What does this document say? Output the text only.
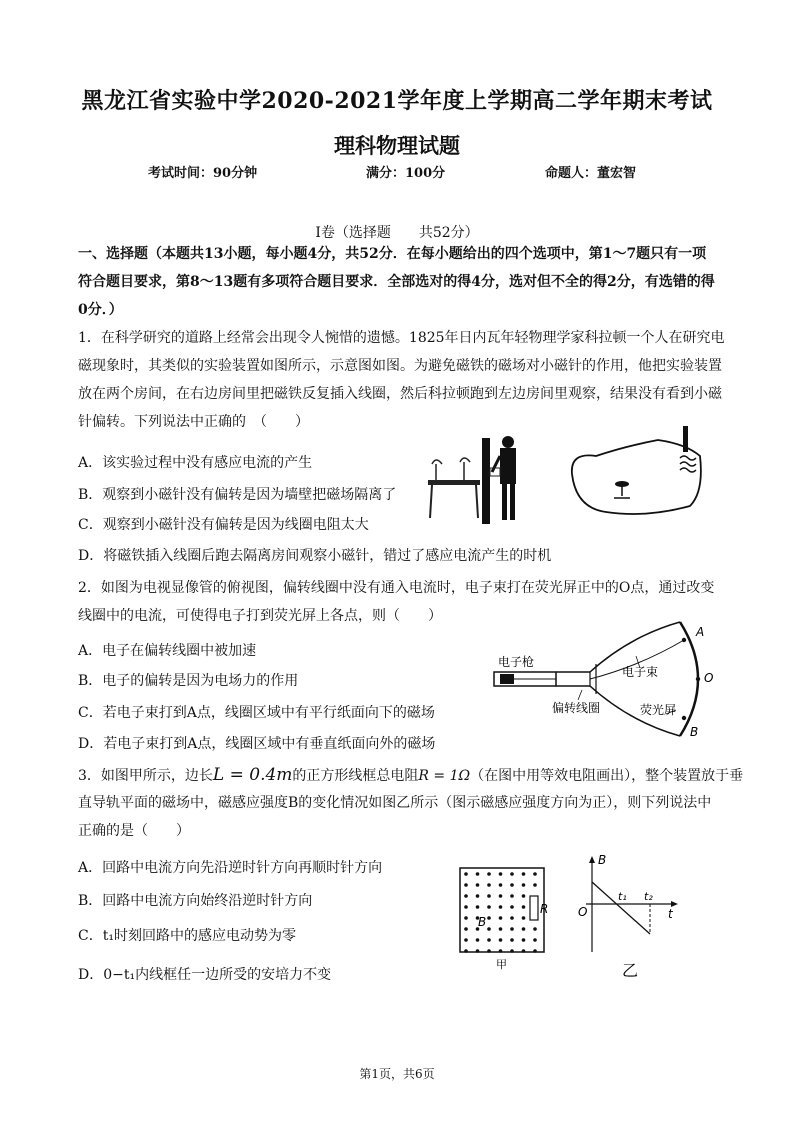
黑龙江省实验中学2020-2021学年度上学期高二学年期末考试
理科物理试题
考试时间：90分钟	满分：100分	命题人：董宏智
Ⅰ卷（选择题　　共52分）
一、选择题（本题共13小题，每小题4分，共52分．在每小题给出的四个选项中，第1～7题只有一项
符合题目要求，第8～13题有多项符合题目要求．全部选对的得4分，选对但不全的得2分，有选错的得
0分．）
1．在科学研究的道路上经常会出现令人惋惜的遗憾。1825年日内瓦年轻物理学家科拉顿一个人在研究电
磁现象时，其类似的实验装置如图所示，示意图如图。为避免磁铁的磁场对小磁针的作用，他把实验装置
放在两个房间，在右边房间里把磁铁反复插入线圈，然后科拉顿跑到左边房间里观察，结果没有看到小磁
针偏转。下列说法中正确的　（　　）
A．该实验过程中没有感应电流的产生
B．观察到小磁针没有偏转是因为墙壁把磁场隔离了
C．观察到小磁针没有偏转是因为线圈电阻太大
D．将磁铁插入线圈后跑去隔离房间观察小磁针，错过了感应电流产生的时机
2．如图为电视显像管的俯视图，偏转线圈中没有通入电流时，电子束打在荧光屏正中的O点，通过改变
线圈中的电流，可使得电子打到荧光屏上各点，则（　　）
A．电子在偏转线圈中被加速
B．电子的偏转是因为电场力的作用
C．若电子束打到A点，线圈区域中有平行纸面向下的磁场
D．若电子束打到A点，线圈区域中有垂直纸面向外的磁场
电子枪
电子束
偏转线圈	荧光屏
A
O
B
3．如图甲所示，边长L = 0.4m的正方形线框总电阻R = 1Ω（在图中用等效电阻画出），整个装置放于垂
直导轨平面的磁场中，磁感应强度B的变化情况如图乙所示（图示磁感应强度方向为正），则下列说法中
正确的是（　　）
A．回路中电流方向先沿逆时针方向再顺时针方向
B．回路中电流方向始终沿逆时针方向
C．t₁时刻回路中的感应电动势为零
D．0−t₁内线框任一边所受的安培力不变
R
B
甲
B
O
t₁ t₂
t
乙
第1页，共6页
